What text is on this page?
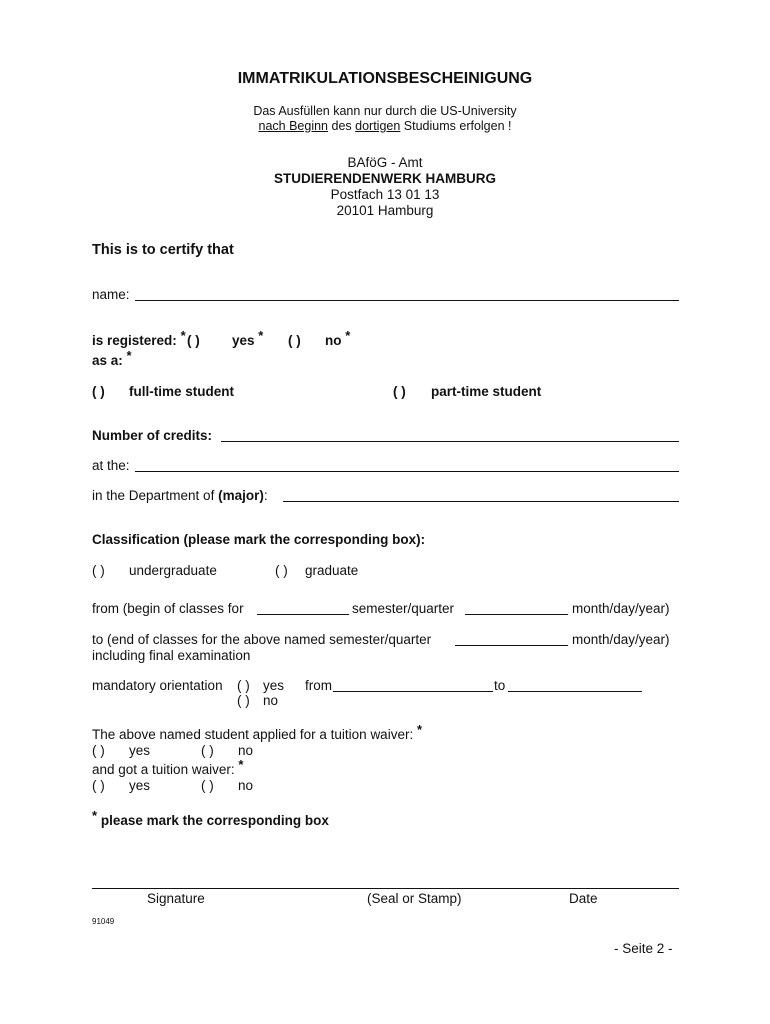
IMMATRIKULATIONSBESCHEINIGUNG
Das Ausfüllen kann nur durch die US-University
nach Beginn des dortigen Studiums erfolgen !
BAföG - Amt
STUDIERENDENWERK HAMBURG
Postfach 13 01 13
20101 Hamburg
This is to certify that
name:
is registered: * ( ) yes * ( ) no *
as a: *
( ) full-time student	( ) part-time student
Number of credits:
at the:
in the Department of (major):
Classification (please mark the corresponding box):
( ) undergraduate	( ) graduate
from (begin of classes for	semester/quarter	month/day/year)
to (end of classes for the above named semester/quarter	month/day/year)
including final examination
mandatory orientation ( ) yes from	to
( ) no
The above named student applied for a tuition waiver: *
( ) yes	( ) no
and got a tuition waiver: *
( ) yes	( ) no
* please mark the corresponding box
Signature	(Seal or Stamp)	Date
91049
- Seite 2 -
